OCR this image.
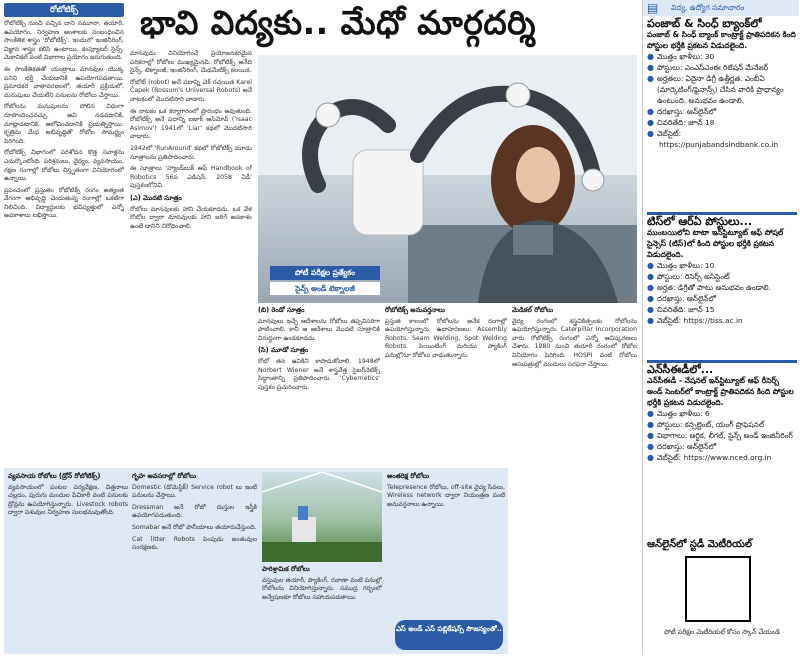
రోబోటిక్స్	భావి విద్యకు.. మేధో మార్గదర్శి

రోబోటిక్స్‌ నుంచి వచ్చిన దాని నమూనా, తయారీ, ఉపయోగం, నిర్వహణ అంశాలకు సంబంధించిన సాంకేతిక శాస్త్రం 'రోబోటిక్స్‌'. ఇందులో ఇంజినీరింగ్‌, విజ్ఞాన శాస్త్రం కలిసి ఉంటాయి. కంప్యూటర్‌ సైన్స్‌, మెకానికల్‌ వంటి విభాగాల ప్రయోగం జరుగుతుంది.

ఈ సాంకేతికతతో యంత్రాలు మానవుల యొక్క పనిని భర్తీ చేయడానికి ఉపయోగపడతాయి. ప్రమాదకర వాతావరణంలో, తయారీ ప్రక్రియలో, మనుషులు చేయలేని పనులను రోబోలు చేస్తాయి.

రోబోలను మనుషులను పోలిన విధంగా రూపొందించవచ్చు. అవి నడవడానికి, మాట్లాడటానికి, ఆలోచించడానికి ప్రయత్నిస్తాయి. కృత్రిమ మేధ అభివృద్ధితో రోబోల సామర్థ్యం పెరిగింది.

రోబోటిక్స్‌ విభాగంలో పరిశోధన కొత్త సవాళ్లను ఎదుర్కొంటోంది. పరిశ్రమలు, వైద్యం, వ్యవసాయం, రక్షణ రంగాల్లో రోబోలు విస్తృతంగా వినియోగంలో ఉన్నాయి.

ప్రపంచంలో ప్రస్తుతం రోబోటిక్స్‌ రంగం అత్యంత వేగంగా అభివృద్ధి చెందుతున్న రంగాల్లో ఒకటిగా నిలిచింది. విద్యార్థులకు భవిష్యత్తులో ఎన్నో అవకాశాలు లభిస్తాయి.

మానవుడు వినియోగించే ప్రయోజనకరమైన పరికరాల్లో రోబోలు ముఖ్యమైనవి. రోబోటిక్స్‌ అనేది సైన్స్‌, టెక్నాలజీ, ఇంజినీరింగ్‌, మేథమేటిక్స్‌ కలయిక.

రోబోట్‌ (robot) అనే పదాన్ని చెక్‌ రచయిత Karel Čapek (Rossum's Universal Robots) అనే నాటకంలో మొదటిసారి వాడారు.

ఈ నాటకం ఒక కర్మాగారంలో ప్రారంభం అవుతుంది. రోబోటిక్స్‌ అనే పదాన్ని ఐజాక్‌ అసిమోవ్‌ ('Isaac Asimov') 1941లో 'Liar' కథలో మొదటిసారి వాడారు.

1942లో 'RunAround' కథలో రోబోటిక్స్‌ మూడు సూత్రాలను ప్రతిపాదించారు.

ఈ సూత్రాలు 'హ్యాండ్‌బుక్‌ ఆఫ్‌ Handbook of Robotics 56వ ఎడిషన్‌, 2058 ఏడీ' పుస్తకంలోనివి.

(ఎ) మొదటి సూత్రం

రోబోలు మానవులకు హాని చేయకూడదు. ఒక వేళ రోబోల ద్వారా మానవులకు హాని జరిగే అవకాశం ఉంటే దానిని నిరోధించాలి.

పోటీ పరీక్షల ప్రత్యేకం
సైన్స్ అండ్ టెక్నాలజీ

(బి) రెండో సూత్రం

మానవులు ఇచ్చే ఆదేశాలను రోబోలు తప్పనిసరిగా పాటించాలి. కానీ ఆ ఆదేశాలు మొదటి సూత్రానికి విరుద్ధంగా ఉండకూడదు.

(సి) మూడో సూత్రం

రోబో తన ఉనికిని కాపాడుకోవాలి. 1948లో Norbert Wiener అనే శాస్త్రవేత్త సైబర్‌నెటిక్స్‌ సిద్ధాంతాన్ని ప్రతిపాదించారు. 'Cybernetics' పుస్తకం ప్రచురించారు.

రోబోటిక్స్‌ అనువర్తనాలు

ప్రస్తుత కాలంలో రోబోలను అనేక రంగాల్లో ఉపయోగిస్తున్నారు. ఉదాహరణలు: Assembly Robots, Seam Welding, Spot Welding Robots. పెయింటింగ్‌ మరియు ప్యాకింగ్‌ పనుల్లోనూ రోబోలు వాడుతున్నారు.

మెడికల్‌ రోబోలు

వైద్య రంగంలో శస్త్రచికిత్సలకు రోబోలను ఉపయోగిస్తున్నారు. Caterpillar Incorporation వారు రోబోటిక్స్‌ రంగంలో ఎన్నో ఆవిష్కరణలు చేశారు. 1980 నుంచి తయారీ రంగంలో రోబోల వినియోగం పెరిగింది. HOSPI వంటి రోబోలు ఆసుపత్రుల్లో మందులు సరఫరా చేస్తాయి.

వ్యవసాయ రోబోలు (డ్రోన్‌ రోబోటిక్స్‌)

వ్యవసాయంలో పంటల పర్యవేక్షణ, విత్తనాలు చల్లడం, పురుగు మందుల పిచికారీ వంటి పనులకు డ్రోన్లను ఉపయోగిస్తున్నారు. Livestock robots ద్వారా పశువుల నిర్వహణ సులభమవుతోంది.

గృహ అవసరాల్లో రోబోలు

Domestic (డొమెస్టిక్‌) Service robot లు ఇంటి పనులను చేస్తాయి.

Dressman అనే రోబో దుస్తుల ఇస్త్రీకి ఉపయోగపడుతుంది.

Somabar అనే రోబో పానీయాలు తయారుచేస్తుంది.

Cat litter Robots పెంపుడు జంతువుల సంరక్షణకు.

పారిశ్రామిక రోబోలు

వస్తువుల తయారీ, ప్యాకింగ్‌, రవాణా వంటి పనుల్లో రోబోలను వినియోగిస్తున్నారు. సముద్ర గర్భంలో అన్వేషణకూ రోబోలు సహాయపడతాయి.

అంతరిక్ష రోబోలు

Telepresence రోబోలు, off-site వైద్య సేవలు, Wireless network ద్వారా నియంత్రణ వంటి అనువర్తనాలు ఉన్నాయి.

ఎస్‌ అండ్‌ ఎస్‌ పబ్లికేషన్స్‌ సౌజన్యంతో..
విద్య, ఉద్యోగ సమాచారం
▤
పంజాబ్‌ & సింధ్‌ బ్యాంక్‌లో
పంజాబ్‌ & సింధ్‌ బ్యాంక్‌ కాంట్రాక్ట్‌ ప్రాతిపదికన కింది పోస్టుల భర్తీకి ప్రకటన విడుదలైంది.
● మొత్తం ఖాళీలు: 30
● పోస్టులు: ఎంఎస్‌ఎంఈ రిలేషన్‌ మేనేజర్‌
● అర్హతలు: ఏదైనా డిగ్రీ ఉత్తీర్ణత. ఎంబీఏ (మార్కెటింగ్‌/ఫైనాన్స్‌) చేసిన వారికి ప్రాధాన్యం ఉంటుంది. అనుభవం ఉండాలి.
● దరఖాస్తు: ఆన్‌లైన్‌లో
● చివరితేది: జూన్‌ 18
● వెబ్‌సైట్‌:
https://punjabandsindbank.co.in
టిస్‌లో ఆర్‌ఏ పోస్టులు...
ముంబయిలోని టాటా ఇన్‌స్టిట్యూట్‌ ఆఫ్‌ సోషల్‌ సైన్సెస్‌ (టిస్‌)లో కింది పోస్టుల భర్తీకి ప్రకటన విడుదలైంది.
● మొత్తం ఖాళీలు: 10
● పోస్టులు: రిసెర్చ్‌ అసిస్టెంట్‌
● అర్హత: డిగ్రీతో పాటు అనుభవం ఉండాలి.
● దరఖాస్తు: ఆన్‌లైన్‌లో
● చివరితేది: జూన్‌ 15
● వెబ్‌సైట్‌: https://tiss.ac.in
ఎన్‌సీఈడీలో...
ఎన్‌సీఈడీ - నేషనల్‌ ఇన్‌స్టిట్యూట్‌ ఆఫ్‌ రీసెర్చ్‌ అండ్‌ సెంటర్‌లో కాంట్రాక్ట్‌ ప్రాతిపదికన కింది పోస్టుల భర్తీకి ప్రకటన విడుదలైంది.
● మొత్తం ఖాళీలు: 6
● పోస్టులు: కన్సల్టెంట్‌, యంగ్‌ ప్రొఫెషనల్‌
● విభాగాలు: ఆర్థిక, లీగల్‌, సైన్స్‌ అండ్‌ ఇంజినీరింగ్‌
● దరఖాస్తు: ఆన్‌లైన్‌లో
● వెబ్‌సైట్‌: https://www.nced.org.in
ఆన్‌లైన్‌లో స్టడీ మెటీరియల్‌
పోటీ పరీక్షల మెటీరియల్‌ కోసం స్కాన్‌ చేయండి
